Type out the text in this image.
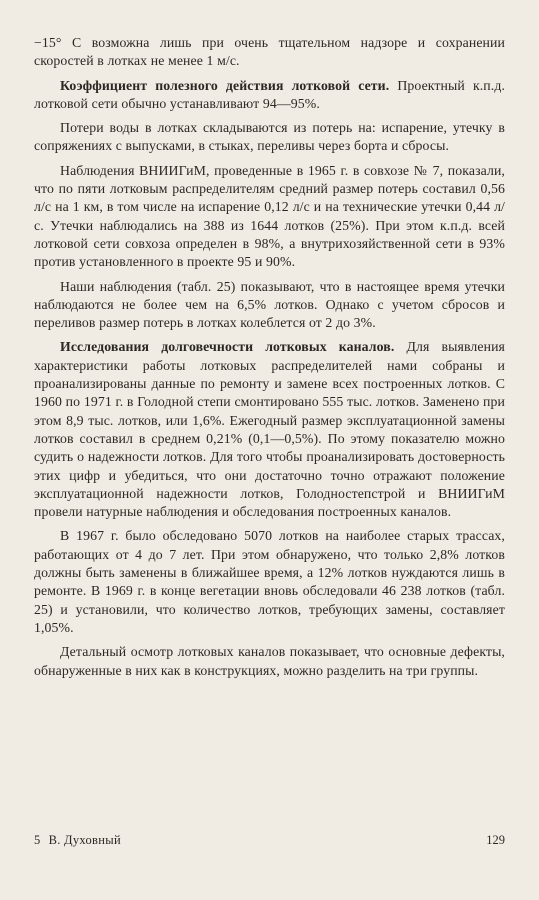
−15° С возможна лишь при очень тщательном надзоре и сохранении скоростей в лотках не менее 1 м/с.

Коэффициент полезного действия лотковой сети. Проектный к.п.д. лотковой сети обычно устанавливают 94—95%.

Потери воды в лотках складываются из потерь на: испарение, утечку в сопряжениях с выпусками, в стыках, переливы через борта и сбросы.

Наблюдения ВНИИГиМ, проведенные в 1965 г. в совхозе № 7, показали, что по пяти лотковым распределителям средний размер потерь составил 0,56 л/с на 1 км, в том числе на испарение 0,12 л/с и на технические утечки 0,44 л/с. Утечки наблюдались на 388 из 1644 лотков (25%). При этом к.п.д. всей лотковой сети совхоза определен в 98%, а внутрихозяйственной сети в 93% против установленного в проекте 95 и 90%.

Наши наблюдения (табл. 25) показывают, что в настоящее время утечки наблюдаются не более чем на 6,5% лотков. Однако с учетом сбросов и переливов размер потерь в лотках колеблется от 2 до 3%.

Исследования долговечности лотковых каналов. Для выявления характеристики работы лотковых распределителей нами собраны и проанализированы данные по ремонту и замене всех построенных лотков. С 1960 по 1971 г. в Голодной степи смонтировано 555 тыс. лотков. Заменено при этом 8,9 тыс. лотков, или 1,6%. Ежегодный размер эксплуатационной замены лотков составил в среднем 0,21% (0,1—0,5%). По этому показателю можно судить о надежности лотков. Для того чтобы проанализировать достоверность этих цифр и убедиться, что они достаточно точно отражают положение эксплуатационной надежности лотков, Голодностепстрой и ВНИИГиМ провели натурные наблюдения и обследования построенных каналов.

В 1967 г. было обследовано 5070 лотков на наиболее старых трассах, работающих от 4 до 7 лет. При этом обнаружено, что только 2,8% лотков должны быть заменены в ближайшее время, а 12% лотков нуждаются лишь в ремонте. В 1969 г. в конце вегетации вновь обследовали 46 238 лотков (табл. 25) и установили, что количество лотков, требующих замены, составляет 1,05%.

Детальный осмотр лотковых каналов показывает, что основные дефекты, обнаруженные в них как в конструкциях, можно разделить на три группы.

5 В. Духовный	129
